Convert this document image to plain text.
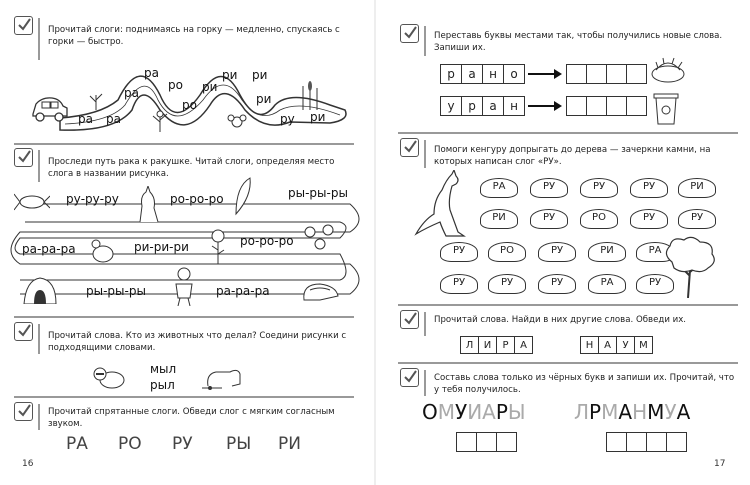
Прочитай слоги: поднимаясь на горку — медленно, спускаясь с горки — быстро.
ра ра
ра
ра
ро
ро
ри
ри ри
ри
ру ри
Проследи путь рака к ракушке. Читай слоги, определяя место слога в названии рисунка.
ру-ру-ру	ро-ро-ро	ры-ры-ры
ра-ра-ра	ри-ри-ри	ро-ро-ро
ры-ры-ры	ра-ра-ра
Прочитай слова. Кто из животных что делал? Соедини рисунки с подходящими словами.
мыл
рыл
Прочитай спрятанные слоги. Обведи слог с мягким согласным звуком.
РА РО РУ РЫ РИ
16
Переставь буквы местами так, чтобы получились новые слова. Запиши их.
р	а	н	о
у	р	а	н
Помоги кенгуру допрыгать до дерева — зачеркни камни, на которых написан слог «РУ».
РА	РУ	РУ	РУ	РИ
РИ	РУ	РО	РУ	РУ
РУ	РО	РУ	РИ	РА
РУ	РУ	РУ	РА	РУ
Прочитай слова. Найди в них другие слова. Обведи их.
Л	И	Р	А	Н	А	У	М
Составь слова только из чёрных букв и запиши их. Прочитай, что у тебя получилось.
ОМУИАРЫ ЛРМАНМУА
17
